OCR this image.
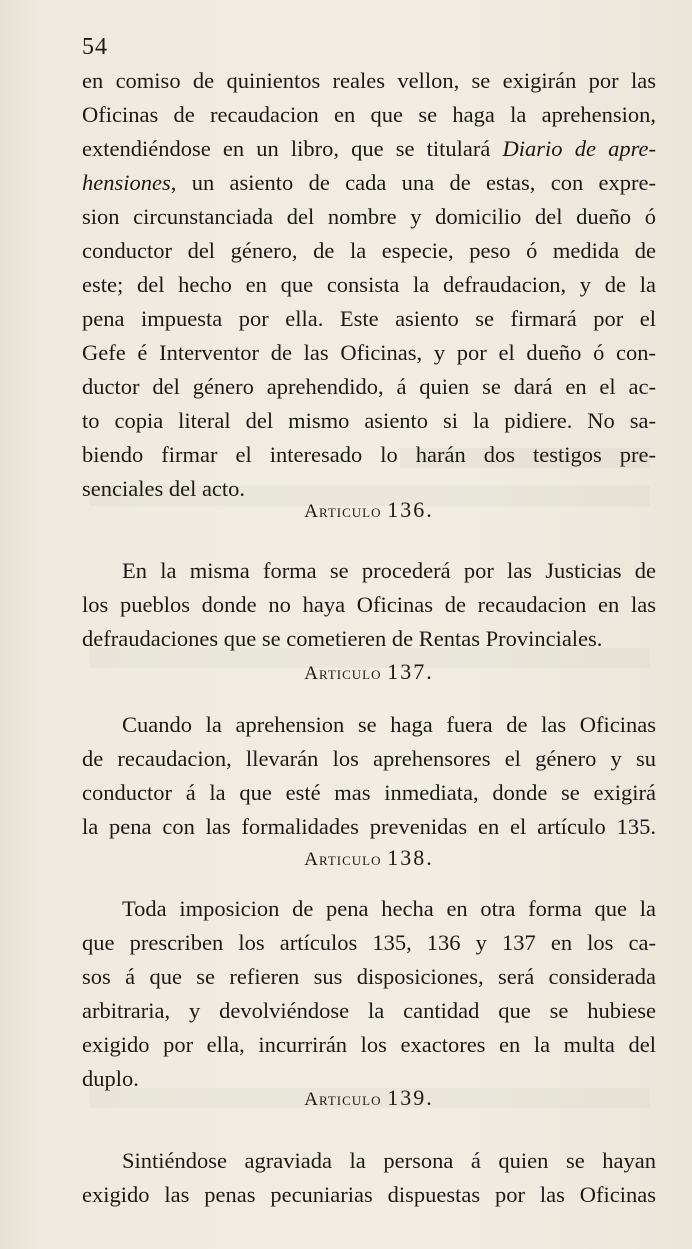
54
en comiso de quinientos reales vellon, se exigirán por las
Oficinas de recaudacion en que se haga la aprehension,
extendiéndose en un libro, que se titulará Diario de apre-
hensiones, un asiento de cada una de estas, con expre-
sion circunstanciada del nombre y domicilio del dueño ó
conductor del género, de la especie, peso ó medida de
este; del hecho en que consista la defraudacion, y de la
pena impuesta por ella. Este asiento se firmará por el
Gefe é Interventor de las Oficinas, y por el dueño ó con-
ductor del género aprehendido, á quien se dará en el ac-
to copia literal del mismo asiento si la pidiere. No sa-
biendo firmar el interesado lo harán dos testigos pre-
senciales del acto.
Articulo 136.
En la misma forma se procederá por las Justicias de
los pueblos donde no haya Oficinas de recaudacion en las
defraudaciones que se cometieren de Rentas Provinciales.
Articulo 137.
Cuando la aprehension se haga fuera de las Oficinas
de recaudacion, llevarán los aprehensores el género y su
conductor á la que esté mas inmediata, donde se exigirá
la pena con las formalidades prevenidas en el artículo 135.
Articulo 138.
Toda imposicion de pena hecha en otra forma que la
que prescriben los artículos 135, 136 y 137 en los ca-
sos á que se refieren sus disposiciones, será considerada
arbitraria, y devolviéndose la cantidad que se hubiese
exigido por ella, incurrirán los exactores en la multa del
duplo.
Articulo 139.
Sintiéndose agraviada la persona á quien se hayan
exigido las penas pecuniarias dispuestas por las Oficinas
